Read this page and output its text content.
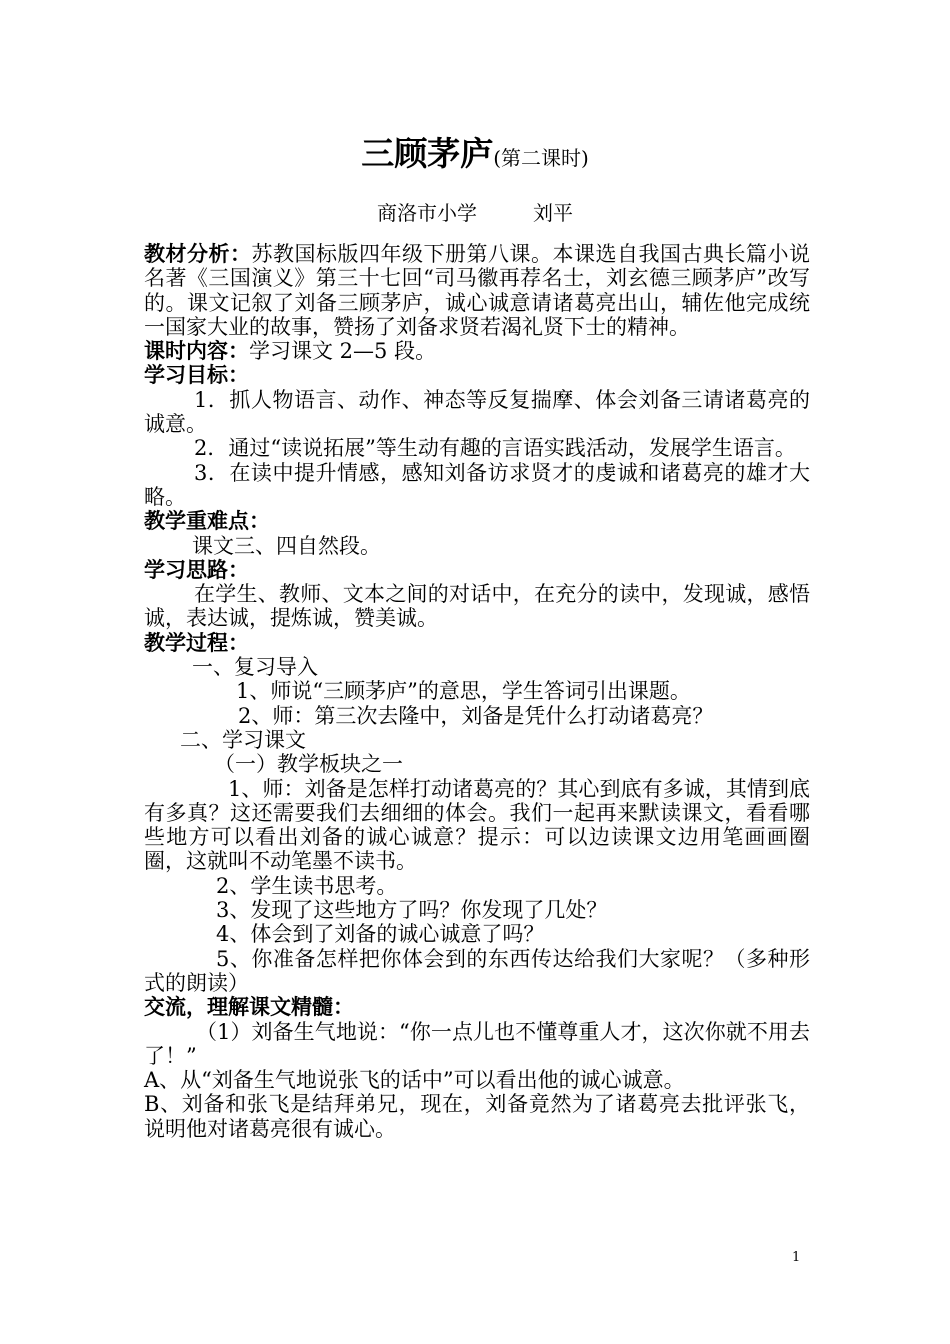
三顾茅庐(第二课时)
商洛市小学	刘平

教材分析：苏教国标版四年级下册第八课。本课选自我国古典长篇小说名著《三国演义》第三十七回“司马徽再荐名士，刘玄德三顾茅庐”改写的。课文记叙了刘备三顾茅庐，诚心诚意请诸葛亮出山，辅佐他完成统一国家大业的故事，赞扬了刘备求贤若渴礼贤下士的精神。

课时内容：学习课文 2—5 段。

学习目标：

1．抓人物语言、动作、神态等反复揣摩、体会刘备三请诸葛亮的诚意。

2．通过“读说拓展”等生动有趣的言语实践活动，发展学生语言。

3．在读中提升情感，感知刘备访求贤才的虔诚和诸葛亮的雄才大略。

教学重难点：

课文三、四自然段。

学习思路：

在学生、教师、文本之间的对话中，在充分的读中，发现诚，感悟诚，表达诚，提炼诚，赞美诚。

教学过程：

一、复习导入

1、师说“三顾茅庐”的意思，学生答词引出课题。

2、师：第三次去隆中，刘备是凭什么打动诸葛亮？

二、学习课文

（一）教学板块之一

1、师：刘备是怎样打动诸葛亮的？其心到底有多诚，其情到底有多真？这还需要我们去细细的体会。我们一起再来默读课文，看看哪些地方可以看出刘备的诚心诚意？提示：可以边读课文边用笔画画圈圈，这就叫不动笔墨不读书。

2、学生读书思考。

3、发现了这些地方了吗？你发现了几处？

4、体会到了刘备的诚心诚意了吗？

5、你准备怎样把你体会到的东西传达给我们大家呢？（多种形式的朗读）

交流，理解课文精髓：

（1）刘备生气地说：“你一点儿也不懂尊重人才，这次你就不用去了！”

A、从“刘备生气地说张飞的话中”可以看出他的诚心诚意。

B、刘备和张飞是结拜弟兄，现在，刘备竟然为了诸葛亮去批评张飞，说明他对诸葛亮很有诚心。

1
